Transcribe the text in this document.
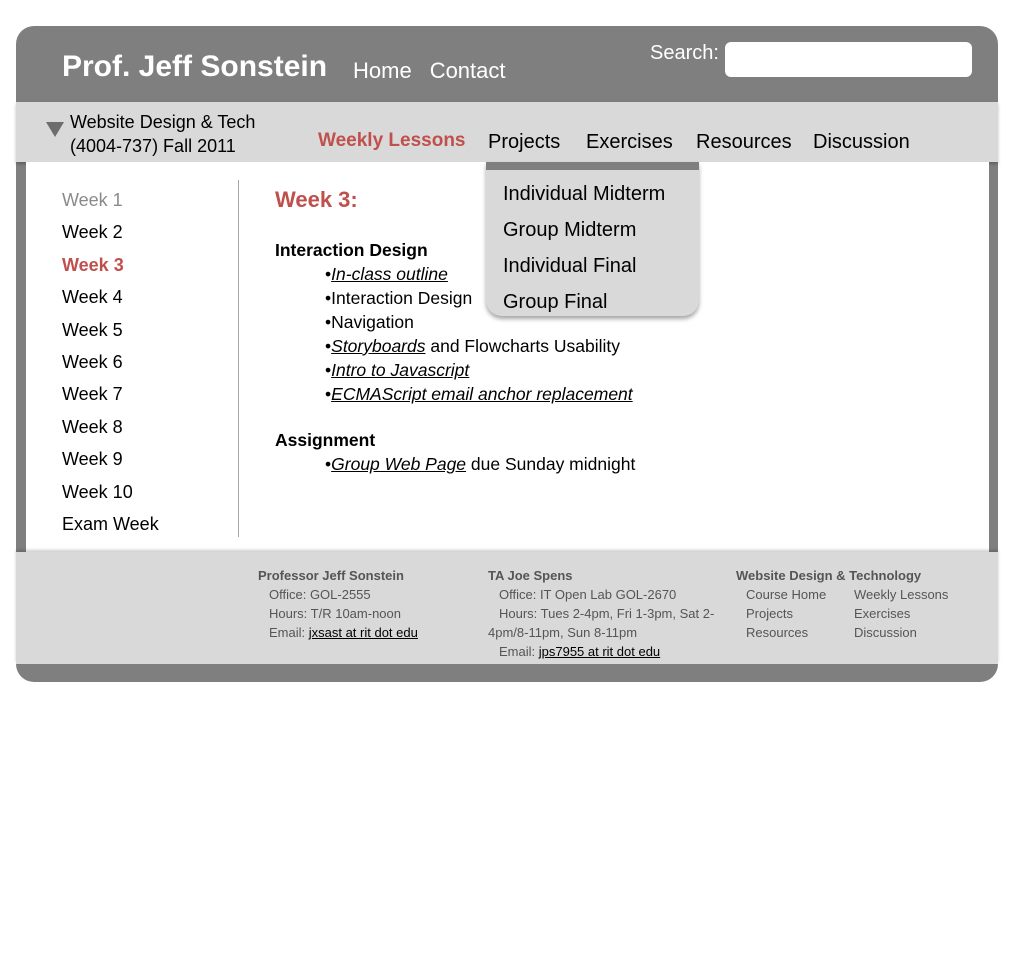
Prof. Jeff Sonstein Home Contact
Search:
Website Design & Tech
(4004-737) Fall 2011	Weekly Lessons Projects Exercises Resources Discussion
Week 1
Week 2
Week 3
Week 4
Week 5
Week 6
Week 7
Week 8
Week 9
Week 10
Exam Week
Week 3:
Interaction Design
•In-class outline
•Interaction Design
•Navigation
•Storyboards and Flowcharts Usability
•Intro to Javascript
•ECMAScript email anchor replacement
Assignment
•Group Web Page due Sunday midnight
Individual Midterm
Group Midterm
Individual Final
Group Final
Professor Jeff Sonstein
Office: GOL-2555
Hours: T/R 10am-noon
Email: jxsast at rit dot edu
TA Joe Spens
Office: IT Open Lab GOL-2670
Hours: Tues 2-4pm, Fri 1-3pm, Sat 2-4pm/8-11pm, Sun 8-11pm
Email: jps7955 at rit dot edu
Website Design & Technology
Course Home	Weekly Lessons
Projects	Exercises
Resources	Discussion
